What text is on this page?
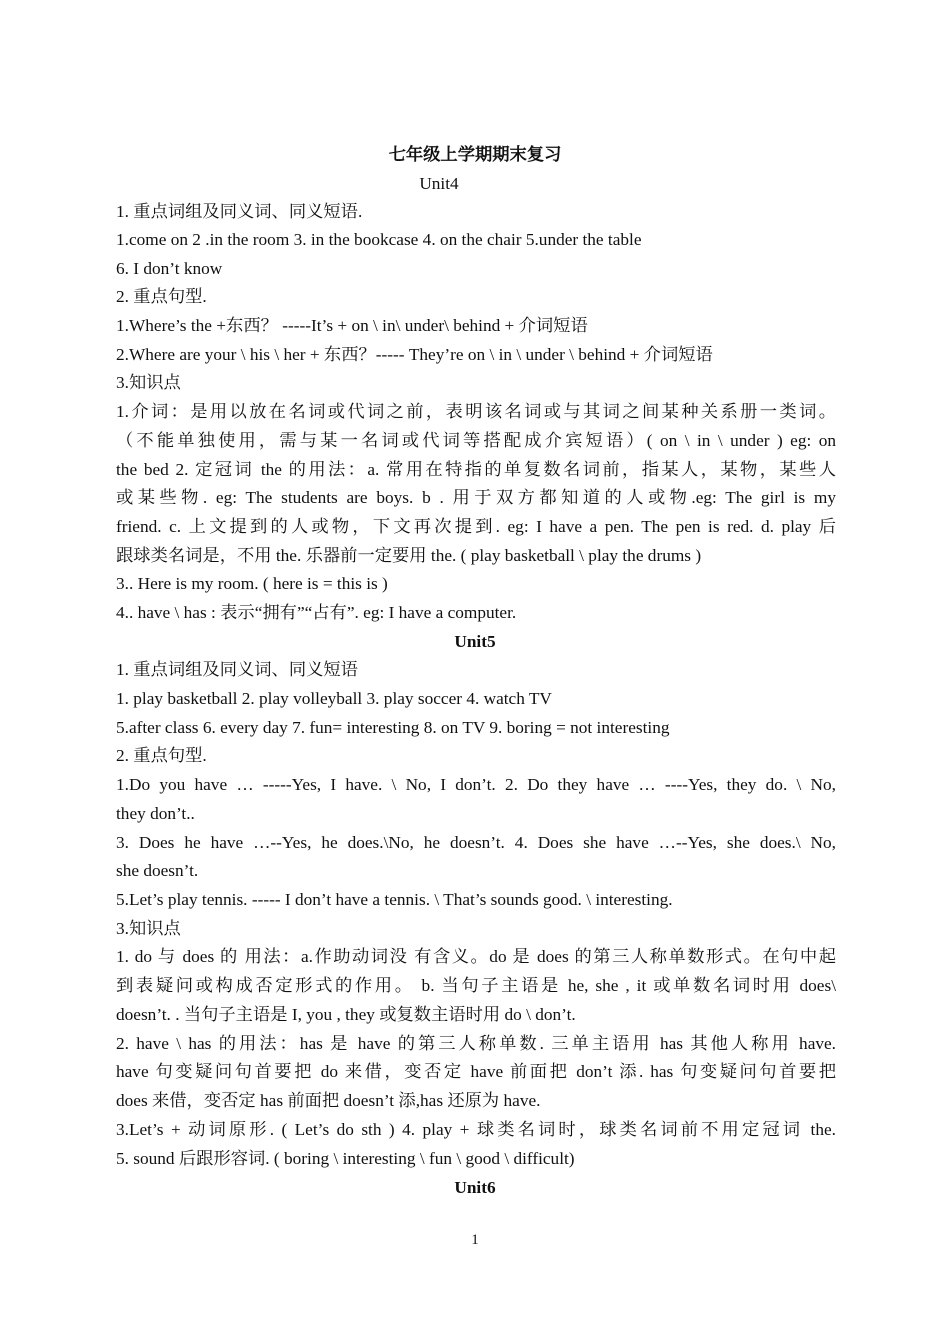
七年级上学期期末复习
Unit4
1. 重点词组及同义词、同义短语.
1.come on 2 .in the room 3. in the bookcase 4. on the chair 5.under the table
6. I don’t know
2. 重点句型.
1.Where’s the +东西？ -----It’s + on \ in\ under\ behind + 介词短语
2.Where are your \ his \ her + 东西？----- They’re on \ in \ under \ behind + 介词短语
3.知识点
1.介词：是用以放在名词或代词之前，表明该名词或与其词之间某种关系册一类词。
（不能单独使用，需与某一名词或代词等搭配成介宾短语）( on \ in \ under ) eg: on
the bed 2. 定冠词 the 的用法：a. 常用在特指的单复数名词前，指某人，某物，某些人
或某些物. eg: The students are boys. b . 用于双方都知道的人或物.eg: The girl is my
friend. c. 上文提到的人或物，下文再次提到. eg: I have a pen. The pen is red. d. play 后
跟球类名词是，不用 the. 乐器前一定要用 the. ( play basketball \ play the drums )
3.. Here is my room. ( here is = this is )
4.. have \ has : 表示“拥有”“占有”. eg: I have a computer.
Unit5
1. 重点词组及同义词、同义短语
1. play basketball 2. play volleyball 3. play soccer 4. watch TV
5.after class 6. every day 7. fun= interesting 8. on TV 9. boring = not interesting
2. 重点句型.
1.Do you have … -----Yes, I have. \ No, I don’t. 2. Do they have … ----Yes, they do. \ No,
they don’t..
3. Does he have …--Yes, he does.\No, he doesn’t. 4. Does she have …--Yes, she does.\ No,
she doesn’t.
5.Let’s play tennis. ----- I don’t have a tennis. \ That’s sounds good. \ interesting.
3.知识点
1. do 与 does 的 用法：a.作助动词没 有含义。do 是 does 的第三人称单数形式。在句中起
到表疑问或构成否定形式的作用。 b. 当句子主语是 he, she , it 或单数名词时用 does\
doesn’t. . 当句子主语是 I, you , they 或复数主语时用 do \ don’t.
2. have \ has 的用法：has 是 have 的第三人称单数. 三单主语用 has 其他人称用 have.
have 句变疑问句首要把 do 来借，变否定 have 前面把 don’t 添. has 句变疑问句首要把
does 来借，变否定 has 前面把 doesn’t 添,has 还原为 have.
3.Let’s + 动词原形. ( Let’s do sth ) 4. play + 球类名词时，球类名词前不用定冠词 the.
5. sound 后跟形容词. ( boring \ interesting \ fun \ good \ difficult)
Unit6
1
